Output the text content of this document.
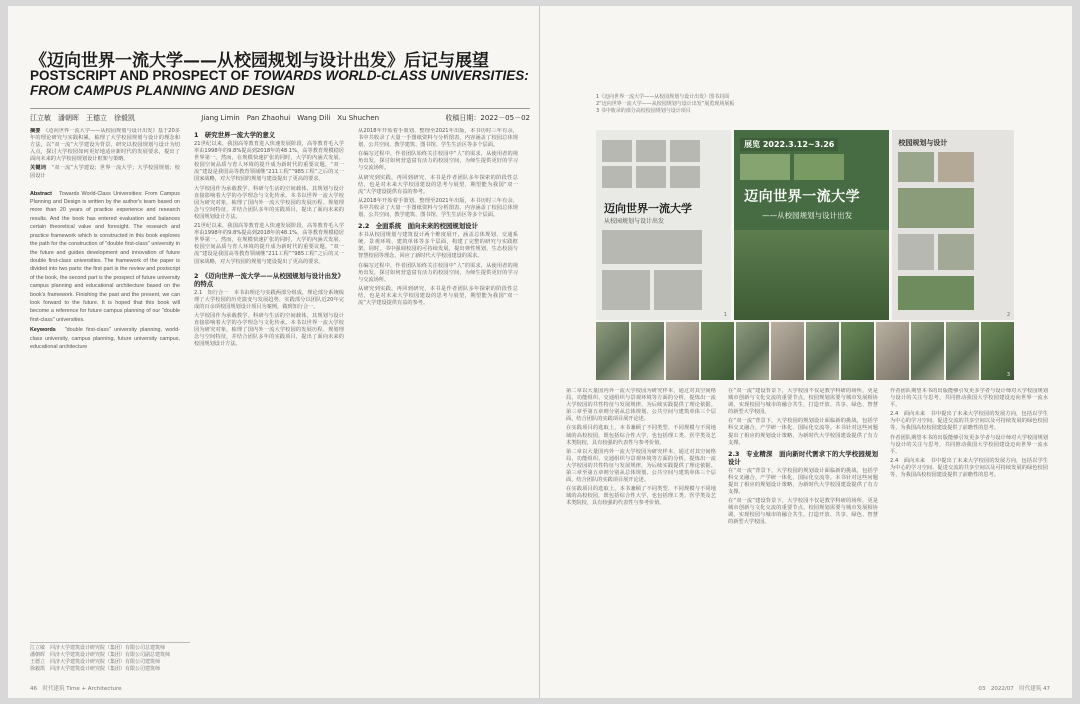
《迈向世界一流大学——从校园规划与设计出发》后记与展望
POSTSCRIPT AND PROSPECT OF TOWARDS WORLD-CLASS UNIVERSITIES: FROM CAMPUS PLANNING AND DESIGN
江立敏　潘朝晖　王德立　徐毅凯	Jiang Limin　Pan Zhaohui　Wang Dili　Xu Shuchen	收稿日期：2022－05－02

摘要　 《迈向世界一流大学——从校园规划与设计出发》基于20多年的理论研究与实践积累，梳理了大学校园规划与设计的理念和方法，以“双一流”大学建设为背景，研究以校园规划与设计为切入点，探讨大学校园如何更好地适应新时代的发展要求，提出了面向未来的大学校园规划设计框架与策略。

关键词　 “双一流”大学建设；世界一流大学；大学校园规划；校园设计

Abstract　 Towards World-Class Universities: From Campus Planning and Design is written by the author's team based on more than 20 years of practice experience and research results. And the book has entered evaluation and balances certain theoretical value and foresight. The research and practice framework which is constructed in this book explores the path for the construction of "double first-class" university in the future and guides development and innovation of future double first-class universities. The framework of the paper is divided into two parts: the first part is the review and postscript of the book, the second part is the prospect of future university campus planning and educational architecture based on the book's framework. Finishing the past and the present, we can look forward to the future. It is hoped that this book will become a reference for future campus planning of our "double first-class" universities.

Keywords　 "double first-class" university planning, world-class university, campus planning, future university campus, educational architecture

1　研究世界一流大学的意义

21世纪以来，我国高等教育进入快速发展阶段，高等教育毛入学率由1998年的9.8%提高到2018年的48.1%，高等教育规模稳居世界第一。然而，在规模快速扩张的同时，大学的内涵式发展、校园空间品质与育人环境的提升成为新时代的重要议题。“双一流”建设是我国高等教育领域继“211工程”“985工程”之后的又一国家战略，对大学校园的规划与建设提出了更高的要求。

大学校园作为承载教学、科研与生活的空间载体，其规划与设计直接影响着大学的办学理念与文化传承。本书以世界一流大学校园为研究对象，梳理了国内外一流大学校园的发展历程、规划理念与空间特征，并结合团队多年的实践项目，提出了面向未来的校园规划设计方法。

21世纪以来，我国高等教育进入快速发展阶段，高等教育毛入学率由1998年的9.8%提高到2018年的48.1%，高等教育规模稳居世界第一。然而，在规模快速扩张的同时，大学的内涵式发展、校园空间品质与育人环境的提升成为新时代的重要议题。“双一流”建设是我国高等教育领域继“211工程”“985工程”之后的又一国家战略，对大学校园的规划与建设提出了更高的要求。

2　《迈向世界一流大学——从校园规划与设计出发》的特点

2.1　知行合一　本书由理论与实践两部分组成，理论部分系统梳理了大学校园的历史演变与发展趋势，实践部分以团队近20年完成的百余项校园规划设计项目为案例，做到知行合一。

大学校园作为承载教学、科研与生活的空间载体，其规划与设计直接影响着大学的办学理念与文化传承。本书以世界一流大学校园为研究对象，梳理了国内外一流大学校园的发展历程、规划理念与空间特征，并结合团队多年的实践项目，提出了面向未来的校园规划设计方法。

从2018年开始着手策划、整理至2021年出版，本书历时三年有余，书中共收录了大量一手图纸资料与分析图表，内容涵盖了校园总体规划、公共空间、教学建筑、图书馆、学生生活区等多个层面。

在编写过程中，作者团队始终关注校园中“人”的需求，从使用者的视角出发，探讨如何营造富有活力的校园空间，为师生提供更好的学习与交流场所。

从研究到实践，再回到研究，本书是作者团队多年探索的阶段性总结，也是对未来大学校园建设的思考与展望，期望能为我国“双一流”大学建设提供有益的参考。

从2018年开始着手策划、整理至2021年出版，本书历时三年有余，书中共收录了大量一手图纸资料与分析图表，内容涵盖了校园总体规划、公共空间、教学建筑、图书馆、学生生活区等多个层面。

2.2　全面系统　面向未来的校园规划设计

本书从校园规划与建筑设计两个维度展开，涵盖总体规划、交通系统、景观环境、建筑单体等多个层面，构建了完整的研究与实践框架。同时，书中强调校园的可持续发展，提出弹性规划、生态校园与智慧校园等理念，回应了新时代大学校园建设的需求。

在编写过程中，作者团队始终关注校园中“人”的需求，从使用者的视角出发，探讨如何营造富有活力的校园空间，为师生提供更好的学习与交流场所。

从研究到实践，再回到研究，本书是作者团队多年探索的阶段性总结，也是对未来大学校园建设的思考与展望，期望能为我国“双一流”大学建设提供有益的参考。

江立敏　同济大学建筑设计研究院（集团）有限公司总建筑师
潘朝晖　同济大学建筑设计研究院（集团）有限公司副总建筑师
王德立　同济大学建筑设计研究院（集团）有限公司建筑师
徐毅凯　同济大学建筑设计研究院（集团）有限公司建筑师
46　时代建筑 Time + Architecture
1《迈向世界一流大学——从校园规划与设计出发》图书封面
2“迈向世界一流大学——从校园规划与设计出发”展览现场展板
3 书中收录的部分高校校园规划与设计项目
迈向世界一流大学
从校园规划与设计出发
1
展览 2022.3.12~3.26
迈向世界一流大学
——从校园规划与设计出发
校园规划与设计
2
3

第二章以大量国内外一流大学校园为研究样本，通过对其空间格局、功能组织、交通组织与景观环境等方面的分析，提炼出一流大学校园的共性特征与发展规律，为后续实践提供了理论依据。第三章至第五章则分别从总体规划、公共空间与建筑单体三个层面，结合团队的实践项目展开论述。

在实践项目的选取上，本书兼顾了不同类型、不同规模与不同地域的高校校园，既包括综合性大学，也包括理工类、医学类及艺术类院校，具有较强的代表性与参考价值。

第二章以大量国内外一流大学校园为研究样本，通过对其空间格局、功能组织、交通组织与景观环境等方面的分析，提炼出一流大学校园的共性特征与发展规律，为后续实践提供了理论依据。第三章至第五章则分别从总体规划、公共空间与建筑单体三个层面，结合团队的实践项目展开论述。

在实践项目的选取上，本书兼顾了不同类型、不同规模与不同地域的高校校园，既包括综合性大学，也包括理工类、医学类及艺术类院校，具有较强的代表性与参考价值。

在“双一流”建设背景下，大学校园不仅是教学科研的场所，更是城市创新与文化交流的重要节点。校园规划需要与城市发展相协调，实现校园与城市的融合共生，打造开放、共享、绿色、智慧的新型大学校园。

在“双一流”背景下，大学校园的规划设计面临新的挑战，包括学科交叉融合、产学研一体化、国际化交流等。本书针对这些问题提出了相应的规划设计策略，为新时代大学校园建设提供了有力支撑。

2.3　专业精深　面向新时代需求下的大学校园规划设计

在“双一流”背景下，大学校园的规划设计面临新的挑战，包括学科交叉融合、产学研一体化、国际化交流等。本书针对这些问题提出了相应的规划设计策略，为新时代大学校园建设提供了有力支撑。

在“双一流”建设背景下，大学校园不仅是教学科研的场所，更是城市创新与文化交流的重要节点。校园规划需要与城市发展相协调，实现校园与城市的融合共生，打造开放、共享、绿色、智慧的新型大学校园。

作者团队期望本书的出版能够引发更多学者与设计师对大学校园规划与设计的关注与思考，共同推动我国大学校园建设迈向世界一流水平。

2.4　面向未来　书中提出了未来大学校园的发展方向，包括以学生为中心的学习空间、促进交流的共享空间以及可持续发展的绿色校园等，为我国高校校园建设提供了前瞻性的思考。

作者团队期望本书的出版能够引发更多学者与设计师对大学校园规划与设计的关注与思考，共同推动我国大学校园建设迈向世界一流水平。

2.4　面向未来　书中提出了未来大学校园的发展方向，包括以学生为中心的学习空间、促进交流的共享空间以及可持续发展的绿色校园等，为我国高校校园建设提供了前瞻性的思考。

03　2022/07　时代建筑 47
